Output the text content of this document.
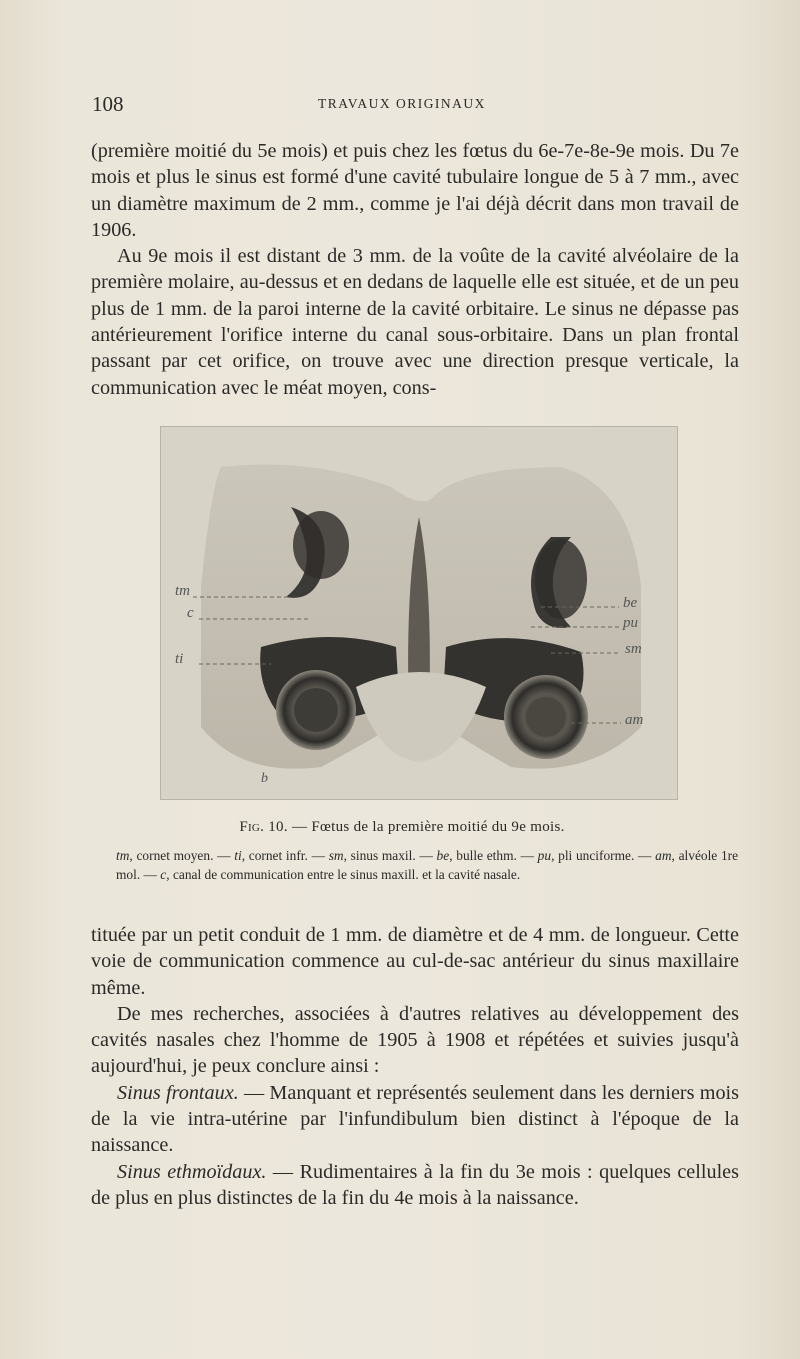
108	TRAVAUX ORIGINAUX

(première moitié du 5e mois) et puis chez les fœtus du 6e-7e-8e-9e mois. Du 7e mois et plus le sinus est formé d'une cavité tubulaire longue de 5 à 7 mm., avec un diamètre maximum de 2 mm., comme je l'ai déjà décrit dans mon travail de 1906.

Au 9e mois il est distant de 3 mm. de la voûte de la cavité alvéolaire de la première molaire, au-dessus et en dedans de laquelle elle est située, et de un peu plus de 1 mm. de la paroi interne de la cavité orbitaire. Le sinus ne dépasse pas antérieurement l'orifice interne du canal sous-orbitaire. Dans un plan frontal passant par cet orifice, on trouve avec une direction presque verticale, la communication avec le méat moyen, cons-

tm
c
ti
be
pu
sm
am
b
Fig. 10. — Fœtus de la première moitié du 9e mois.
tm, cornet moyen. — ti, cornet infr. — sm, sinus maxil. — be, bulle ethm. — pu, pli unciforme. — am, alvéole 1re mol. — c, canal de communication entre le sinus maxill. et la cavité nasale.

tituée par un petit conduit de 1 mm. de diamètre et de 4 mm. de longueur. Cette voie de communication commence au cul-de-sac antérieur du sinus maxillaire même.

De mes recherches, associées à d'autres relatives au développement des cavités nasales chez l'homme de 1905 à 1908 et répétées et suivies jusqu'à aujourd'hui, je peux conclure ainsi :

Sinus frontaux. — Manquant et représentés seulement dans les derniers mois de la vie intra-utérine par l'infundibulum bien distinct à l'époque de la naissance.

Sinus ethmoïdaux. — Rudimentaires à la fin du 3e mois : quelques cellules de plus en plus distinctes de la fin du 4e mois à la naissance.
